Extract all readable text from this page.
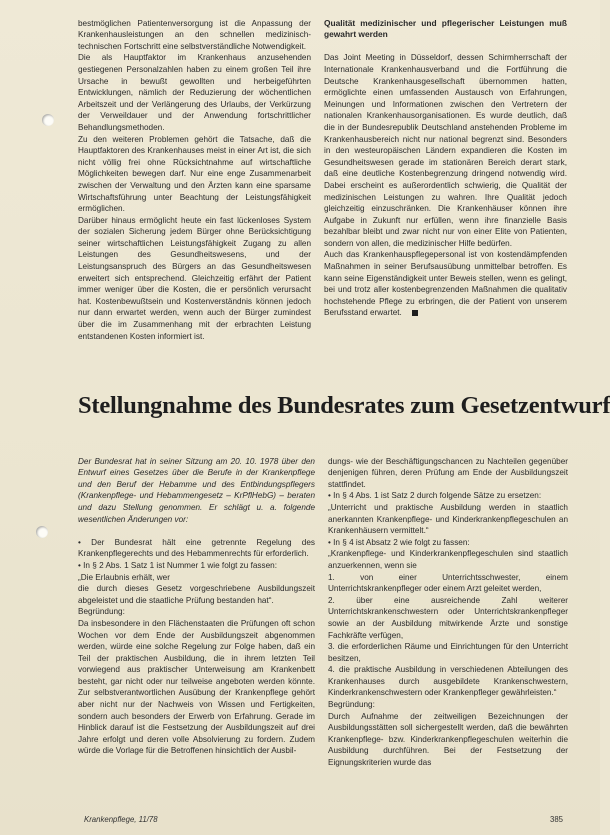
bestmöglichen Patientenversorgung ist die Anpassung der Krankenhausleistungen an den schnellen medizinisch-technischen Fortschritt eine selbstverständliche Notwendigkeit.
Die als Hauptfaktor im Krankenhaus anzusehenden gestiegenen Personalzahlen haben zu einem großen Teil ihre Ursache in bewußt gewollten und herbeigeführten Entwicklungen, nämlich der Reduzierung der wöchentlichen Arbeitszeit und der Verlängerung des Urlaubs, der Verkürzung der Verweildauer und der Anwendung fortschrittlicher Behandlungsmethoden.
Zu den weiteren Problemen gehört die Tatsache, daß die Hauptfaktoren des Krankenhauses meist in einer Art ist, die sich nicht völlig frei ohne Rücksichtnahme auf wirtschaftliche Möglichkeiten bewegen darf. Nur eine enge Zusammenarbeit zwischen der Verwaltung und den Ärzten kann eine sparsame Wirtschaftsführung unter Beachtung der Leistungsfähigkeit ermöglichen.
Darüber hinaus ermöglicht heute ein fast lückenloses System der sozialen Sicherung jedem Bürger ohne Berücksichtigung seiner wirtschaftlichen Leistungsfähigkeit Zugang zu allen Leistungen des Gesundheitswesens, und der Leistungsanspruch des Bürgers an das Gesundheitswesen erweitert sich entsprechend. Gleichzeitig erfährt der Patient immer weniger über die Kosten, die er persönlich verursacht hat. Kostenbewußtsein und Kostenverständnis können jedoch nur dann erwartet werden, wenn auch der Bürger zumindest über die im Zusammenhang mit der erbrachten Leistung entstandenen Kosten informiert ist.

Qualität medizinischer und pflegerischer Leistungen muß gewahrt werden

Das Joint Meeting in Düsseldorf, dessen Schirmherrschaft der Internationale Krankenhausverband und die Fortführung die Deutsche Krankenhausgesellschaft übernommen hatten, ermöglichte einen umfassenden Austausch von Erfahrungen, Meinungen und Informationen zwischen den Vertretern der nationalen Krankenhausorganisationen. Es wurde deutlich, daß die in der Bundesrepublik Deutschland anstehenden Probleme im Krankenhausbereich nicht nur national begrenzt sind. Besonders in den westeuropäischen Ländern expandieren die Kosten im Gesundheitswesen gerade im stationären Bereich derart stark, daß eine deutliche Kostenbegrenzung dringend notwendig wird. Dabei erscheint es außerordentlich schwierig, die Qualität der medizinischen Leistungen zu wahren. Ihre Qualität jedoch gleichzeitig einzuschränken. Die Krankenhäuser können ihre Aufgabe in Zukunft nur erfüllen, wenn ihre finanzielle Basis bezahlbar bleibt und zwar nicht nur von einer Elite von Patienten, sondern von allen, die medizinischer Hilfe bedürfen.
Auch das Krankenhauspflegepersonal ist von kostendämpfenden Maßnahmen in seiner Berufsausübung unmittelbar betroffen. Es kann seine Eigenständigkeit unter Beweis stellen, wenn es gelingt, bei und trotz aller kostenbegrenzenden Maßnahmen die qualitativ hochstehende Pflege zu erbringen, die der Patient von unserem Berufsstand erwartet.

Stellungnahme des Bundesrates zum Gesetzentwurf

Der Bundesrat hat in seiner Sitzung am 20. 10. 1978 über den Entwurf eines Gesetzes über die Berufe in der Krankenpflege und den Beruf der Hebamme und des Entbindungspflegers (Krankenpflege- und Hebammengesetz – KrPflHebG) – beraten und dazu Stellung genommen. Er schlägt u. a. folgende wesentlichen Änderungen vor:

• Der Bundesrat hält eine getrennte Regelung des Krankenpflegerechts und des Hebammenrechts für erforderlich.
• In § 2 Abs. 1 Satz 1 ist Nummer 1 wie folgt zu fassen:
„Die Erlaubnis erhält, wer
die durch dieses Gesetz vorgeschriebene Ausbildungszeit abgeleistet und die staatliche Prüfung bestanden hat“.
Begründung:
Da insbesondere in den Flächenstaaten die Prüfungen oft schon Wochen vor dem Ende der Ausbildungszeit abgenommen werden, würde eine solche Regelung zur Folge haben, daß ein Teil der praktischen Ausbildung, die in ihrem letzten Teil vorwiegend aus praktischer Unterweisung am Krankenbett besteht, gar nicht oder nur teilweise angeboten werden könnte. Zur selbstverantwortlichen Ausübung der Krankenpflege gehört aber nicht nur der Nachweis von Wissen und Fertigkeiten, sondern auch besonders der Erwerb von Erfahrung. Gerade im Hinblick darauf ist die Festsetzung der Ausbildungszeit auf drei Jahre erfolgt und deren volle Absolvierung zu fordern. Zudem würde die Vorlage für die Betroffenen hinsichtlich der Ausbil-

dungs- wie der Beschäftigungschancen zu Nachteilen gegenüber denjenigen führen, deren Prüfung am Ende der Ausbildungszeit stattfindet.
• In § 4 Abs. 1 ist Satz 2 durch folgende Sätze zu ersetzen:
„Unterricht und praktische Ausbildung werden in staatlich anerkannten Krankenpflege- und Kinderkrankenpflegeschulen an Krankenhäusern vermittelt.“
• In § 4 ist Absatz 2 wie folgt zu fassen:
„Krankenpflege- und Kinderkrankenpflegeschulen sind staatlich anzuerkennen, wenn sie
1. von einer Unterrichtsschwester, einem Unterrichtskrankenpfleger oder einem Arzt geleitet werden,
2. über eine ausreichende Zahl weiterer Unterrichtskrankenschwestern oder Unterrichtskrankenpfleger sowie an der Ausbildung mitwirkende Ärzte und sonstige Fachkräfte verfügen,
3. die erforderlichen Räume und Einrichtungen für den Unterricht besitzen,
4. die praktische Ausbildung in verschiedenen Abteilungen des Krankenhauses durch ausgebildete Krankenschwestern, Kinderkrankenschwestern oder Krankenpfleger gewährleisten.“
Begründung:
Durch Aufnahme der zeitweiligen Bezeichnungen der Ausbildungsstätten soll sichergestellt werden, daß die bewährten Krankenpflege- bzw. Kinderkrankenpflegeschulen weiterhin die Ausbildung durchführen. Bei der Festsetzung der Eignungskriterien wurde das

Krankenpflege, 11/78	385
